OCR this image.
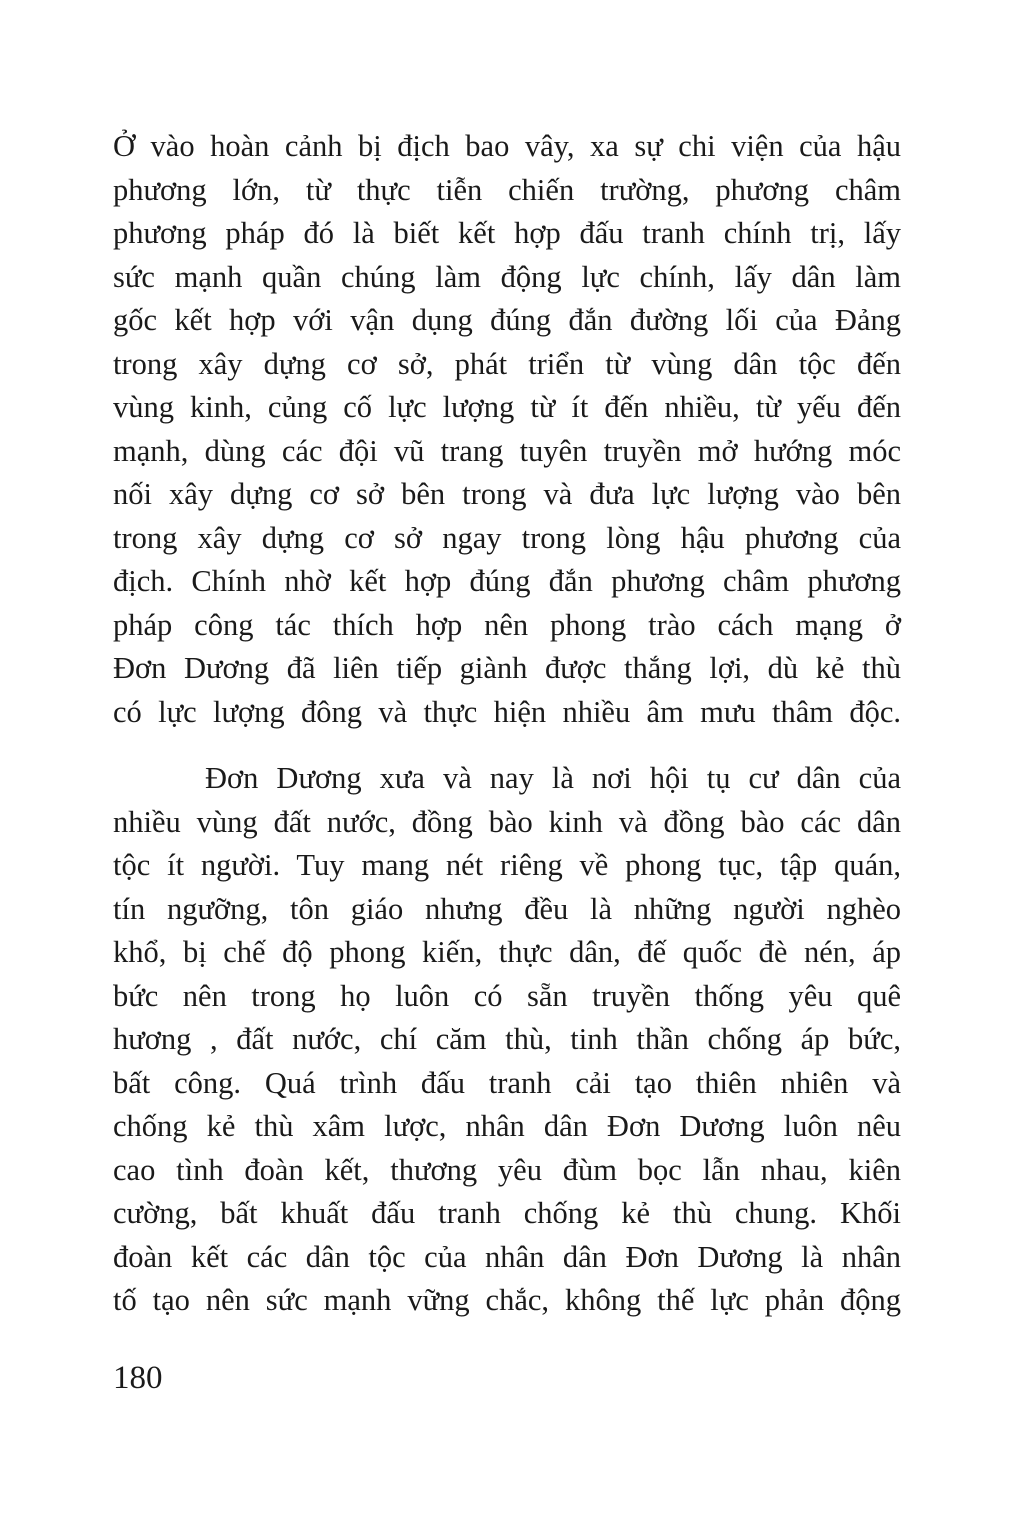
Ở vào hoàn cảnh bị địch bao vây, xa sự chi viện của hậu
phương lớn, từ thực tiễn chiến trường, phương châm
phương pháp đó là biết kết hợp đấu tranh chính trị, lấy
sức mạnh quần chúng làm động lực chính, lấy dân làm
gốc kết hợp với vận dụng đúng đắn đường lối của Đảng
trong xây dựng cơ sở, phát triển từ vùng dân tộc đến
vùng kinh, củng cố lực lượng từ ít đến nhiều, từ yếu đến
mạnh, dùng các đội vũ trang tuyên truyền mở hướng móc
nối xây dựng cơ sở bên trong và đưa lực lượng vào bên
trong xây dựng cơ sở ngay trong lòng hậu phương của
địch. Chính nhờ kết hợp đúng đắn phương châm phương
pháp công tác thích hợp nên phong trào cách mạng ở
Đơn Dương đã liên tiếp giành được thắng lợi, dù kẻ thù
có lực lượng đông và thực hiện nhiều âm mưu thâm độc.
Đơn Dương xưa và nay là nơi hội tụ cư dân của
nhiều vùng đất nước, đồng bào kinh và đồng bào các dân
tộc ít người. Tuy mang nét riêng về phong tục, tập quán,
tín ngưỡng, tôn giáo nhưng đều là những người nghèo
khổ, bị chế độ phong kiến, thực dân, đế quốc đè nén, áp
bức nên trong họ luôn có sẵn truyền thống yêu quê
hương , đất nước, chí căm thù, tinh thần chống áp bức,
bất công. Quá trình đấu tranh cải tạo thiên nhiên và
chống kẻ thù xâm lược, nhân dân Đơn Dương luôn nêu
cao tình đoàn kết, thương yêu đùm bọc lẫn nhau, kiên
cường, bất khuất đấu tranh chống kẻ thù chung. Khối
đoàn kết các dân tộc của nhân dân Đơn Dương là nhân
tố tạo nên sức mạnh vững chắc, không thế lực phản động
180
